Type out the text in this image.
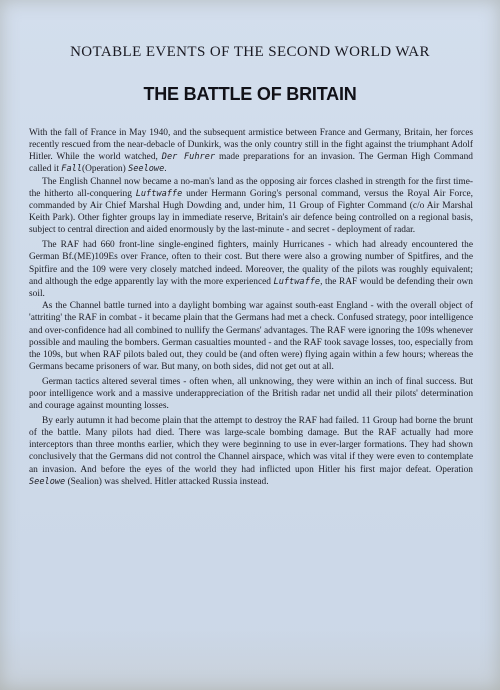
NOTABLE EVENTS OF THE SECOND WORLD WAR
THE BATTLE OF BRITAIN

With the fall of France in May 1940, and the subsequent armistice between France and Germany, Britain, her forces recently rescued from the near-debacle of Dunkirk, was the only country still in the fight against the triumphant Adolf Hitler. While the world watched, Der Fuhrer made preparations for an invasion. The German High Command called it Fall(Operation) Seelowe.

The English Channel now became a no-man's land as the opposing air forces clashed in strength for the first time- the hitherto all-conquering Luftwaffe under Hermann Goring's personal command, versus the Royal Air Force, commanded by Air Chief Marshal Hugh Dowding and, under him, 11 Group of Fighter Command (c/o Air Marshal Keith Park). Other fighter groups lay in immediate reserve, Britain's air defence being controlled on a regional basis, subject to central direction and aided enormously by the last-minute - and secret - deployment of radar.

The RAF had 660 front-line single-engined fighters, mainly Hurricanes - which had already encountered the German Bf.(ME)109Es over France, often to their cost. But there were also a growing number of Spitfires, and the Spitfire and the 109 were very closely matched indeed. Moreover, the quality of the pilots was roughly equivalent; and although the edge apparently lay with the more experienced Luftwaffe, the RAF would be defending their own soil.

As the Channel battle turned into a daylight bombing war against south-east England - with the overall object of 'attriting' the RAF in combat - it became plain that the Germans had met a check. Confused strategy, poor intelligence and over-confidence had all combined to nullify the Germans' advantages. The RAF were ignoring the 109s whenever possible and mauling the bombers. German casualties mounted - and the RAF took savage losses, too, especially from the 109s, but when RAF pilots baled out, they could be (and often were) flying again within a few hours; whereas the Germans became prisoners of war. But many, on both sides, did not get out at all.

German tactics altered several times - often when, all unknowing, they were within an inch of final success. But poor intelligence work and a massive underappreciation of the British radar net undid all their pilots' determination and courage against mounting losses.

By early autumn it had become plain that the attempt to destroy the RAF had failed. 11 Group had borne the brunt of the battle. Many pilots had died. There was large-scale bombing damage. But the RAF actually had more interceptors than three months earlier, which they were beginning to use in ever-larger formations. They had shown conclusively that the Germans did not control the Channel airspace, which was vital if they were even to contemplate an invasion. And before the eyes of the world they had inflicted upon Hitler his first major defeat. Operation Seelowe (Sealion) was shelved. Hitler attacked Russia instead.
